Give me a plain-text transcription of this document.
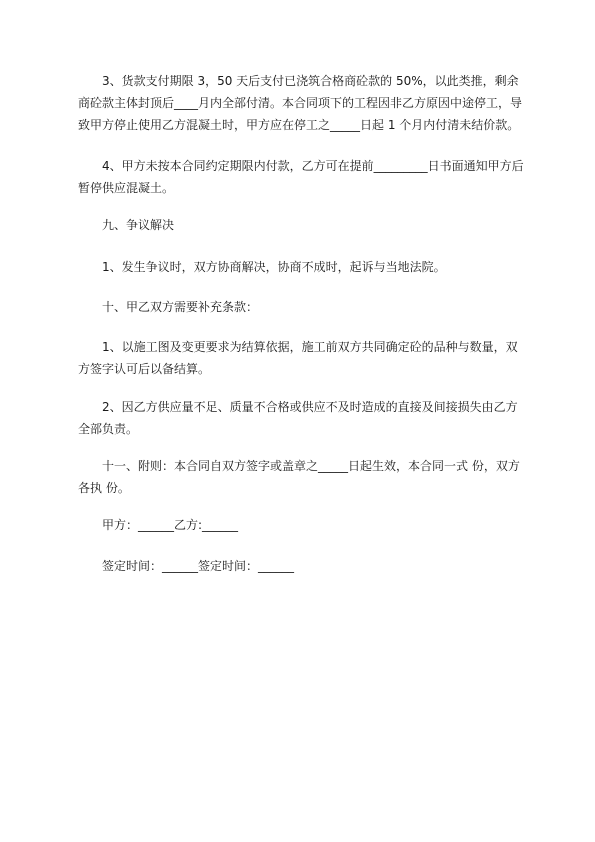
3、货款支付期限 3，50 天后支付已浇筑合格商砼款的 50%，以此类推，剩余商砼款主体封顶后____月内全部付清。本合同项下的工程因非乙方原因中途停工，导致甲方停止使用乙方混凝土时，甲方应在停工之_____日起 1 个月内付清未结价款。

4、甲方未按本合同约定期限内付款，乙方可在提前_________日书面通知甲方后暂停供应混凝土。

九、争议解决

1、发生争议时，双方协商解决，协商不成时，起诉与当地法院。

十、甲乙双方需要补充条款：

1、以施工图及变更要求为结算依据，施工前双方共同确定砼的品种与数量，双方签字认可后以备结算。

2、因乙方供应量不足、质量不合格或供应不及时造成的直接及间接损失由乙方全部负责。

十一、附则：本合同自双方签字或盖章之_____日起生效，本合同一式 份，双方各执 份。

甲方：______乙方:______

签定时间：______签定时间：______
